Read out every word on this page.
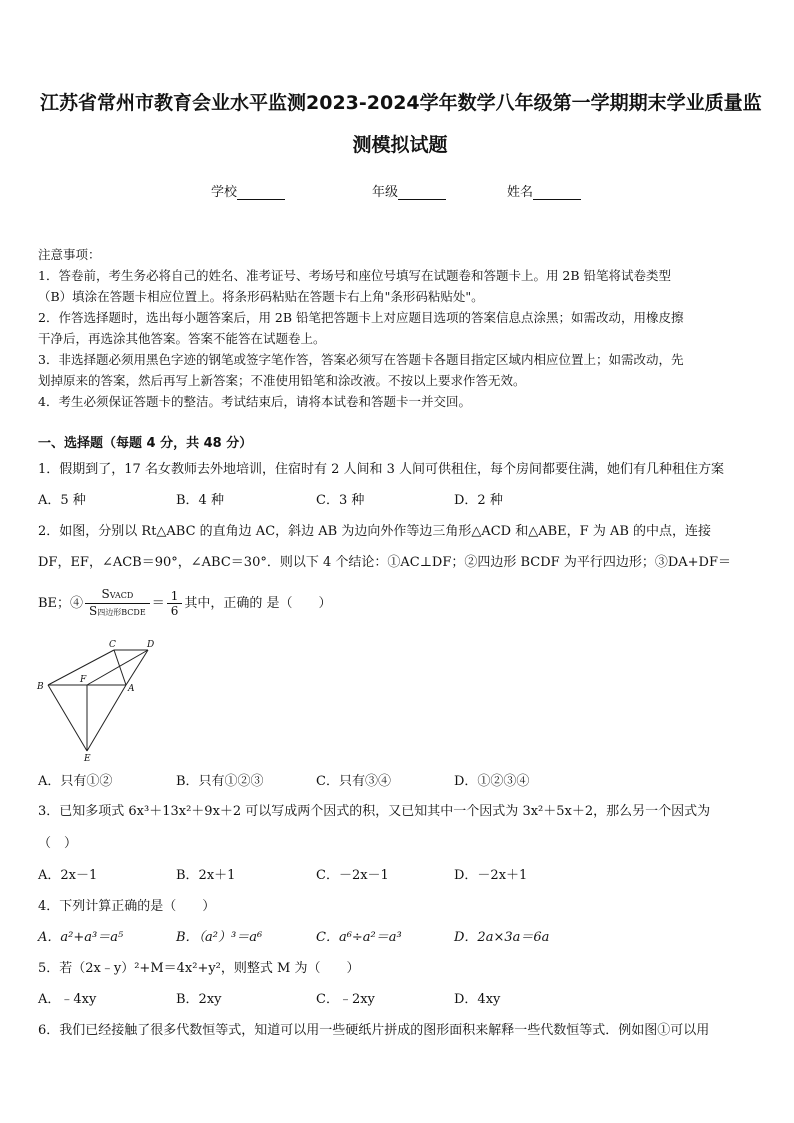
江苏省常州市教育会业水平监测2023-2024学年数学八年级第一学期期末学业质量监
测模拟试题
学校	年级	姓名
注意事项：
1．答卷前，考生务必将自己的姓名、准考证号、考场号和座位号填写在试题卷和答题卡上。用 2B 铅笔将试卷类型
（B）填涂在答题卡相应位置上。将条形码粘贴在答题卡右上角"条形码粘贴处"。
2．作答选择题时，选出每小题答案后，用 2B 铅笔把答题卡上对应题目选项的答案信息点涂黑；如需改动，用橡皮擦
干净后，再选涂其他答案。答案不能答在试题卷上。
3．非选择题必须用黑色字迹的钢笔或签字笔作答，答案必须写在答题卡各题目指定区域内相应位置上；如需改动，先
划掉原来的答案，然后再写上新答案；不准使用铅笔和涂改液。不按以上要求作答无效。
4．考生必须保证答题卡的整洁。考试结束后，请将本试卷和答题卡一并交回。
一、选择题（每题 4 分，共 48 分）
1．假期到了，17 名女教师去外地培训，住宿时有 2 人间和 3 人间可供租住，每个房间都要住满，她们有几种租住方案
A．5 种	B．4 种	C．3 种	D．2 种
2．如图，分别以 Rt△ABC 的直角边 AC，斜边 AB 为边向外作等边三角形△ACD 和△ABE，F 为 AB 的中点，连接
DF，EF，∠ACB＝90°，∠ABC＝30°．则以下 4 个结论：①AC⊥DF；②四边形 BCDF 为平行四边形；③DA+DF＝
BE；④ $\frac{\text{SVACD}}{\text{S四边形BCDE}} = \frac{1}{6}$ 其中，正确的 是（　　）
C	D
B
F
A
E
A．只有①②	B．只有①②③	C．只有③④	D．①②③④
3．已知多项式 6x³＋13x²＋9x＋2 可以写成两个因式的积，又已知其中一个因式为 3x²＋5x＋2，那么另一个因式为
（　）
A．2x－1	B．2x＋1	C．－2x－1	D．－2x＋1
4．下列计算正确的是（　　）
A．a²+a³＝a⁵	B．（a²）³＝a⁶	C．a⁶÷a²＝a³	D．2a×3a＝6a
5．若（2x﹣y）²+M＝4x²+y²，则整式 M 为（　　）
A．﹣4xy	B．2xy	C．﹣2xy	D．4xy
6．我们已经接触了很多代数恒等式，知道可以用一些硬纸片拼成的图形面积来解释一些代数恒等式．例如图①可以用
